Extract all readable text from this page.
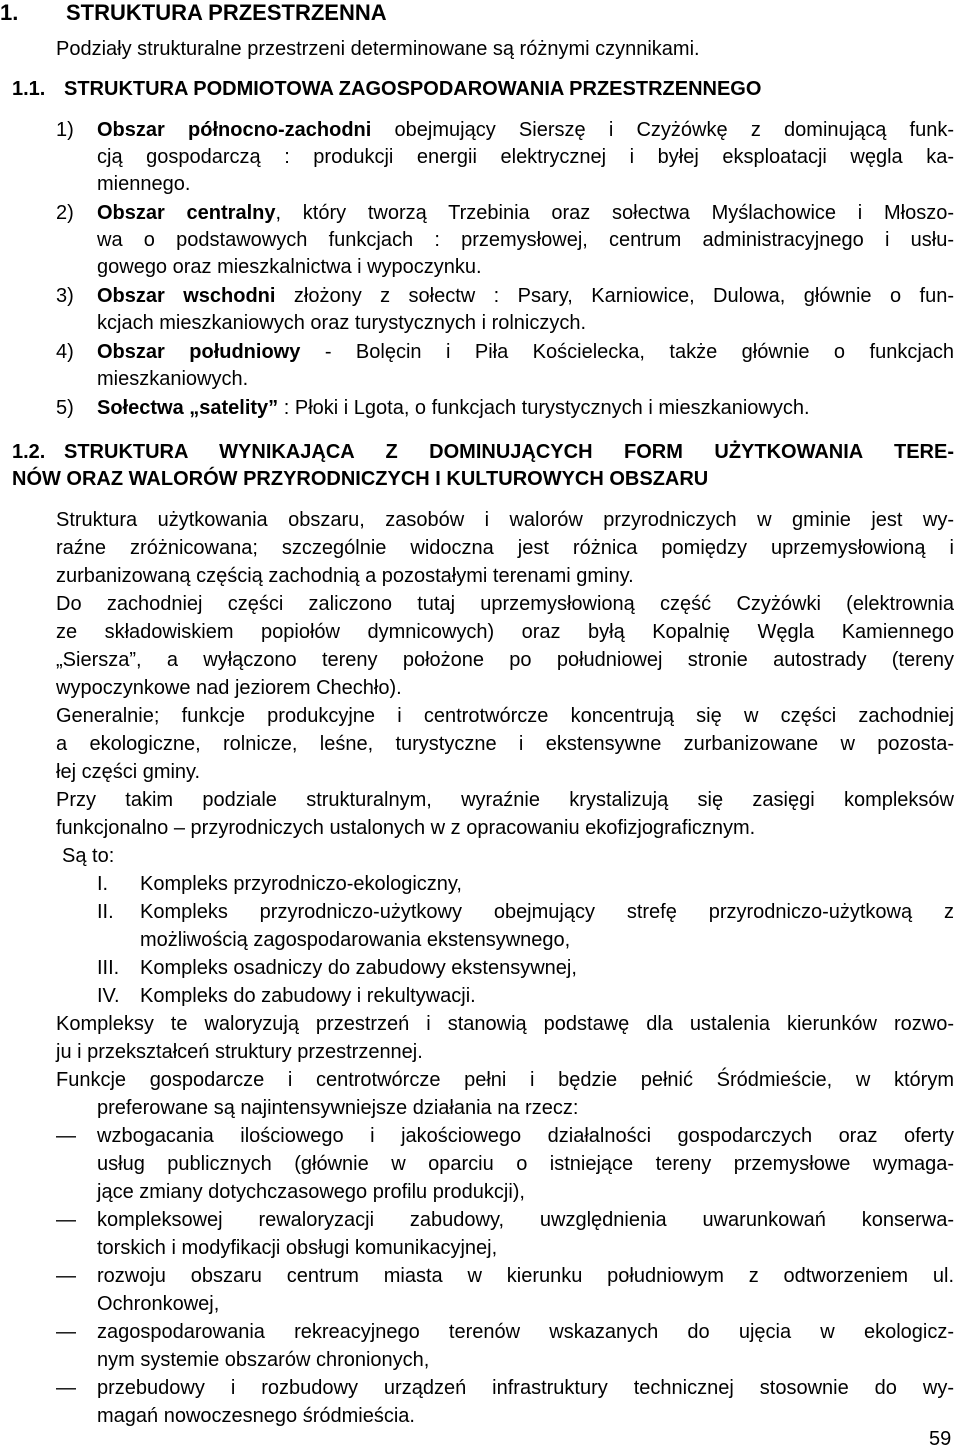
1. STRUKTURA PRZESTRZENNA
Podziały strukturalne przestrzeni determinowane są różnymi czynnikami.
1.1. STRUKTURA PODMIOTOWA ZAGOSPODAROWANIA PRZESTRZENNEGO
1) Obszar północno-zachodni obejmujący Sierszę i Czyżówkę z dominującą funk-
cją gospodarczą : produkcji energii elektrycznej i byłej eksploatacji węgla ka-
miennego.
2) Obszar centralny, który tworzą Trzebinia oraz sołectwa Myślachowice i Młoszo-
wa o podstawowych funkcjach : przemysłowej, centrum administracyjnego i usłu-
gowego oraz mieszkalnictwa i wypoczynku.
3) Obszar wschodni złożony z sołectw : Psary, Karniowice, Dulowa, głównie o fun-
kcjach mieszkaniowych oraz turystycznych i rolniczych.
4) Obszar południowy - Bolęcin i Piła Kościelecka, także głównie o funkcjach
mieszkaniowych.
5) Sołectwa „satelity” : Płoki i Lgota, o funkcjach turystycznych i mieszkaniowych.
1.2. STRUKTURA WYNIKAJĄCA Z DOMINUJĄCYCH FORM UŻYTKOWANIA TERE-
NÓW ORAZ WALORÓW PRZYRODNICZYCH I KULTUROWYCH OBSZARU
Struktura użytkowania obszaru, zasobów i walorów przyrodniczych w gminie jest wy-
raźne zróżnicowana; szczególnie widoczna jest różnica pomiędzy uprzemysłowioną i
zurbanizowaną częścią zachodnią a pozostałymi terenami gminy.
Do zachodniej części zaliczono tutaj uprzemysłowioną część Czyżówki (elektrownia
ze składowiskiem popiołów dymnicowych) oraz byłą Kopalnię Węgla Kamiennego
„Siersza”, a wyłączono tereny położone po południowej stronie autostrady (tereny
wypoczynkowe nad jeziorem Chechło).
Generalnie; funkcje produkcyjne i centrotwórcze koncentrują się w części zachodniej
a ekologiczne, rolnicze, leśne, turystyczne i ekstensywne zurbanizowane w pozosta-
łej części gminy.
Przy takim podziale strukturalnym, wyraźnie krystalizują się zasięgi kompleksów
funkcjonalno – przyrodniczych ustalonych w z opracowaniu ekofizjograficznym.
Są to:
I. Kompleks przyrodniczo-ekologiczny,
II. Kompleks przyrodniczo-użytkowy obejmujący strefę przyrodniczo-użytkową z
możliwością zagospodarowania ekstensywnego,
III. Kompleks osadniczy do zabudowy ekstensywnej,
IV. Kompleks do zabudowy i rekultywacji.
Kompleksy te waloryzują przestrzeń i stanowią podstawę dla ustalenia kierunków rozwo-
ju i przekształceń struktury przestrzennej.
Funkcje gospodarcze i centrotwórcze pełni i będzie pełnić Śródmieście, w którym
preferowane są najintensywniejsze działania na rzecz:
— wzbogacania ilościowego i jakościowego działalności gospodarczych oraz oferty
usług publicznych (głównie w oparciu o istniejące tereny przemysłowe wymaga-
jące zmiany dotychczasowego profilu produkcji),
— kompleksowej rewaloryzacji zabudowy, uwzględnienia uwarunkowań konserwa-
torskich i modyfikacji obsługi komunikacyjnej,
— rozwoju obszaru centrum miasta w kierunku południowym z odtworzeniem ul.
Ochronkowej,
— zagospodarowania rekreacyjnego terenów wskazanych do ujęcia w ekologicz-
nym systemie obszarów chronionych,
— przebudowy i rozbudowy urządzeń infrastruktury technicznej stosownie do wy-
magań nowoczesnego śródmieścia.
59
